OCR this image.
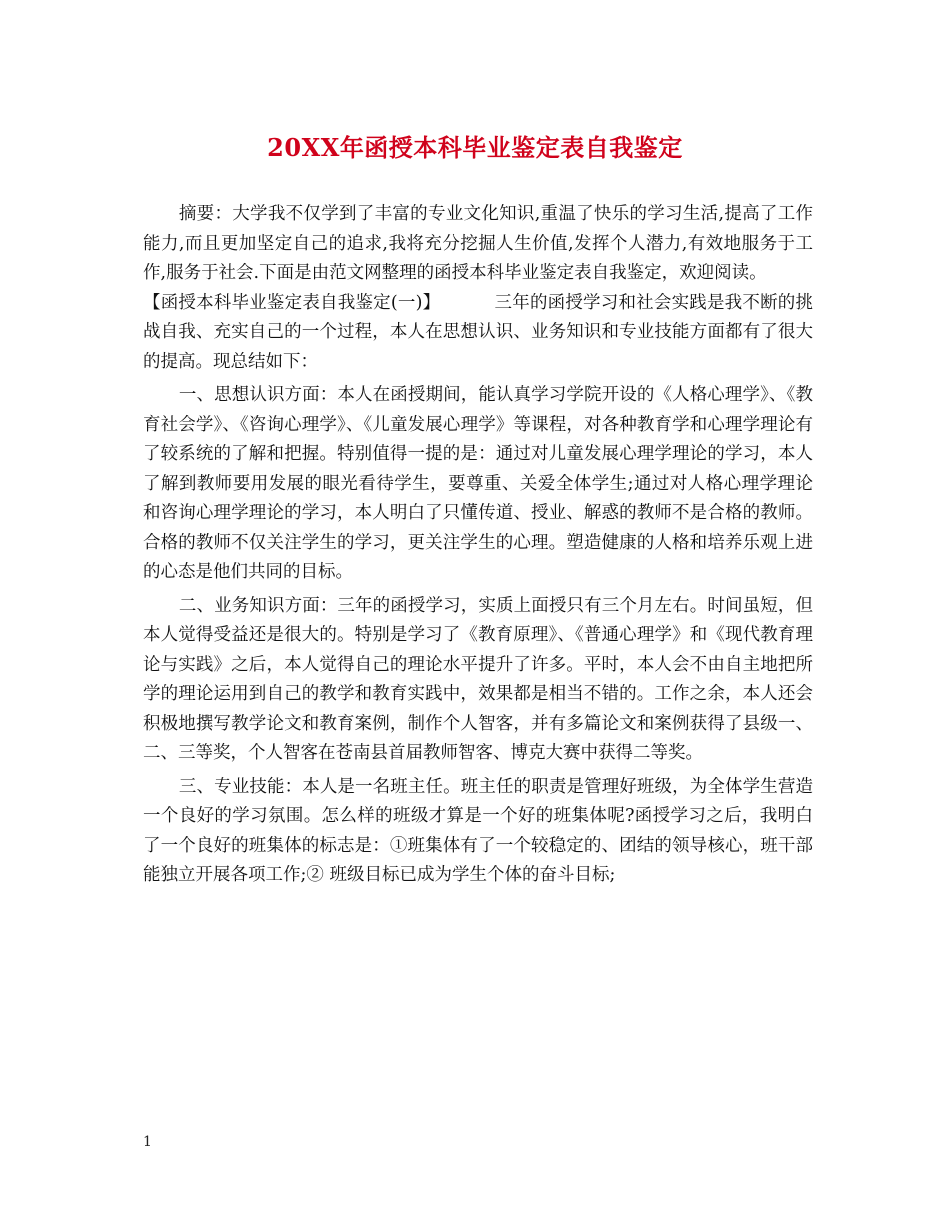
20XX年函授本科毕业鉴定表自我鉴定

摘要：大学我不仅学到了丰富的专业文化知识,重温了快乐的学习生活,提高了工作能力,而且更加坚定自己的追求,我将充分挖掘人生价值,发挥个人潜力,有效地服务于工作,服务于社会.下面是由范文网整理的函授本科毕业鉴定表自我鉴定，欢迎阅读。

【函授本科毕业鉴定表自我鉴定(一)】	三年的函授学习和社会实践是我不断的挑战自我、充实自己的一个过程，本人在思想认识、业务知识和专业技能方面都有了很大的提高。现总结如下：

一、思想认识方面：本人在函授期间，能认真学习学院开设的《人格心理学》、《教育社会学》、《咨询心理学》、《儿童发展心理学》等课程，对各种教育学和心理学理论有了较系统的了解和把握。特别值得一提的是：通过对儿童发展心理学理论的学习，本人了解到教师要用发展的眼光看待学生，要尊重、关爱全体学生;通过对人格心理学理论和咨询心理学理论的学习，本人明白了只懂传道、授业、解惑的教师不是合格的教师。合格的教师不仅关注学生的学习，更关注学生的心理。塑造健康的人格和培养乐观上进的心态是他们共同的目标。

二、业务知识方面：三年的函授学习，实质上面授只有三个月左右。时间虽短，但本人觉得受益还是很大的。特别是学习了《教育原理》、《普通心理学》和《现代教育理论与实践》之后，本人觉得自己的理论水平提升了许多。平时，本人会不由自主地把所学的理论运用到自己的教学和教育实践中，效果都是相当不错的。工作之余，本人还会积极地撰写教学论文和教育案例，制作个人智客，并有多篇论文和案例获得了县级一、二、三等奖，个人智客在苍南县首届教师智客、博克大赛中获得二等奖。

三、专业技能：本人是一名班主任。班主任的职责是管理好班级，为全体学生营造一个良好的学习氛围。怎么样的班级才算是一个好的班集体呢?函授学习之后，我明白了一个良好的班集体的标志是：①班集体有了一个较稳定的、团结的领导核心，班干部能独立开展各项工作;② 班级目标已成为学生个体的奋斗目标;

1
